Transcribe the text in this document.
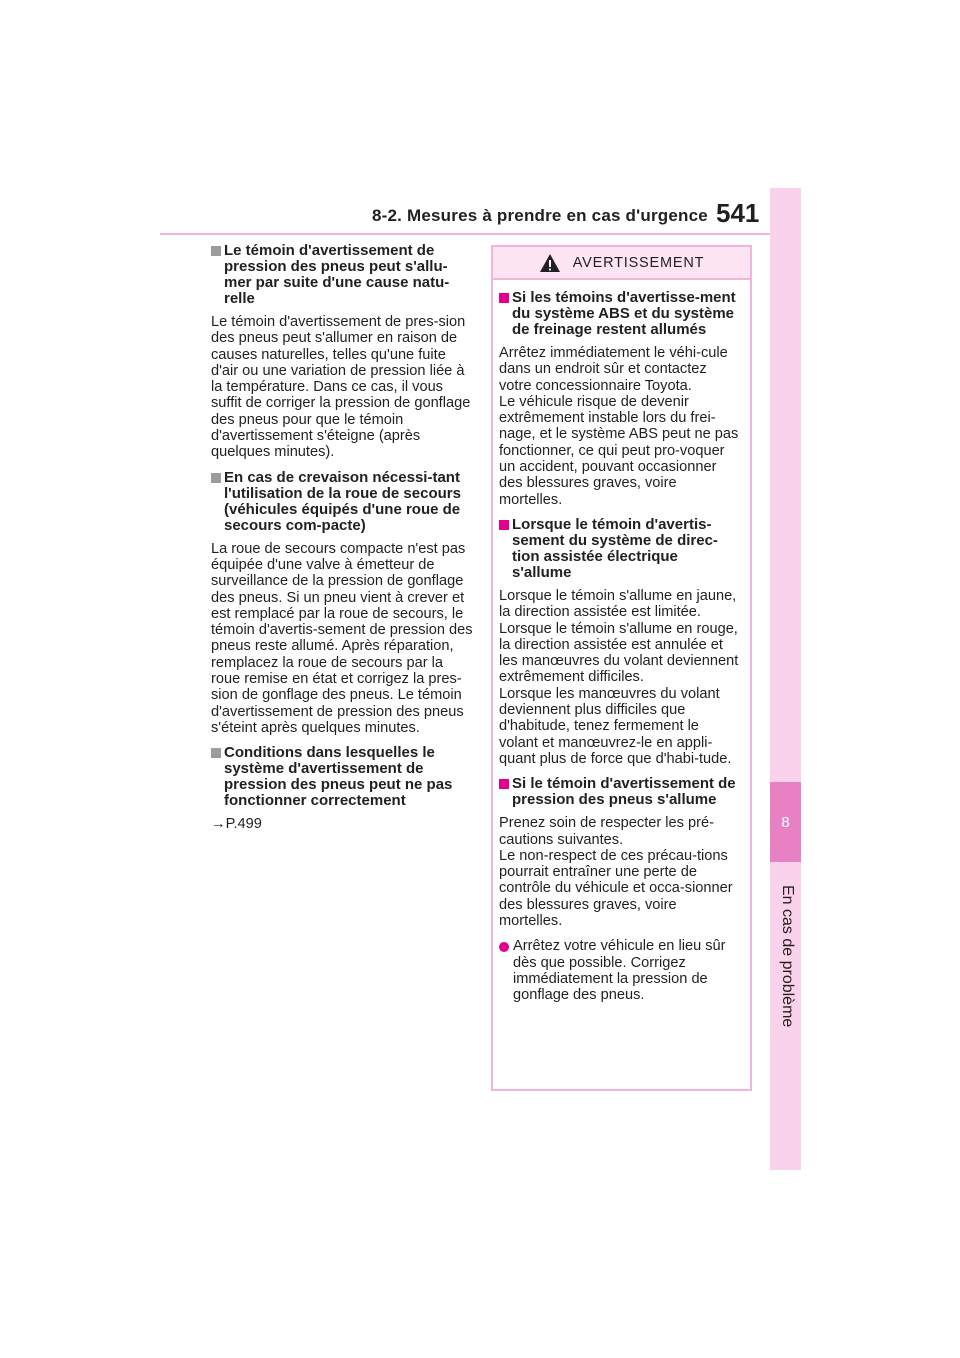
8-2. Mesures à prendre en cas d'urgence 541
8
En cas de problème
Le témoin d'avertissement de pression des pneus peut s'allu-mer par suite d'une cause natu-relle
Le témoin d'avertissement de pres-sion des pneus peut s'allumer en raison de causes naturelles, telles qu'une fuite d'air ou une variation de pression liée à la température. Dans ce cas, il vous suffit de corriger la pression de gonflage des pneus pour que le témoin d'avertissement s'éteigne (après quelques minutes).
En cas de crevaison nécessi-tant l'utilisation de la roue de secours (véhicules équipés d'une roue de secours com-pacte)
La roue de secours compacte n'est pas équipée d'une valve à émetteur de surveillance de la pression de gonflage des pneus. Si un pneu vient à crever et est remplacé par la roue de secours, le témoin d'avertis-sement de pression des pneus reste allumé. Après réparation, remplacez la roue de secours par la roue remise en état et corrigez la pres-sion de gonflage des pneus. Le témoin d'avertissement de pression des pneus s'éteint après quelques minutes.
Conditions dans lesquelles le système d'avertissement de pression des pneus peut ne pas fonctionner correctement
→P.499
AVERTISSEMENT
Si les témoins d'avertisse-ment du système ABS et du système de freinage restent allumés
Arrêtez immédiatement le véhi-cule dans un endroit sûr et contactez votre concessionnaire Toyota.
Le véhicule risque de devenir extrêmement instable lors du frei-nage, et le système ABS peut ne pas fonctionner, ce qui peut pro-voquer un accident, pouvant occasionner des blessures graves, voire mortelles.
Lorsque le témoin d'avertis-sement du système de direc-tion assistée électrique s'allume
Lorsque le témoin s'allume en jaune, la direction assistée est limitée. Lorsque le témoin s'allume en rouge, la direction assistée est annulée et les manœuvres du volant deviennent extrêmement difficiles.
Lorsque les manœuvres du volant deviennent plus difficiles que d'habitude, tenez fermement le volant et manœuvrez-le en appli-quant plus de force que d'habi-tude.
Si le témoin d'avertissement de pression des pneus s'allume
Prenez soin de respecter les pré-cautions suivantes.
Le non-respect de ces précau-tions pourrait entraîner une perte de contrôle du véhicule et occa-sionner des blessures graves, voire mortelles.
Arrêtez votre véhicule en lieu sûr dès que possible. Corrigez immédiatement la pression de gonflage des pneus.
